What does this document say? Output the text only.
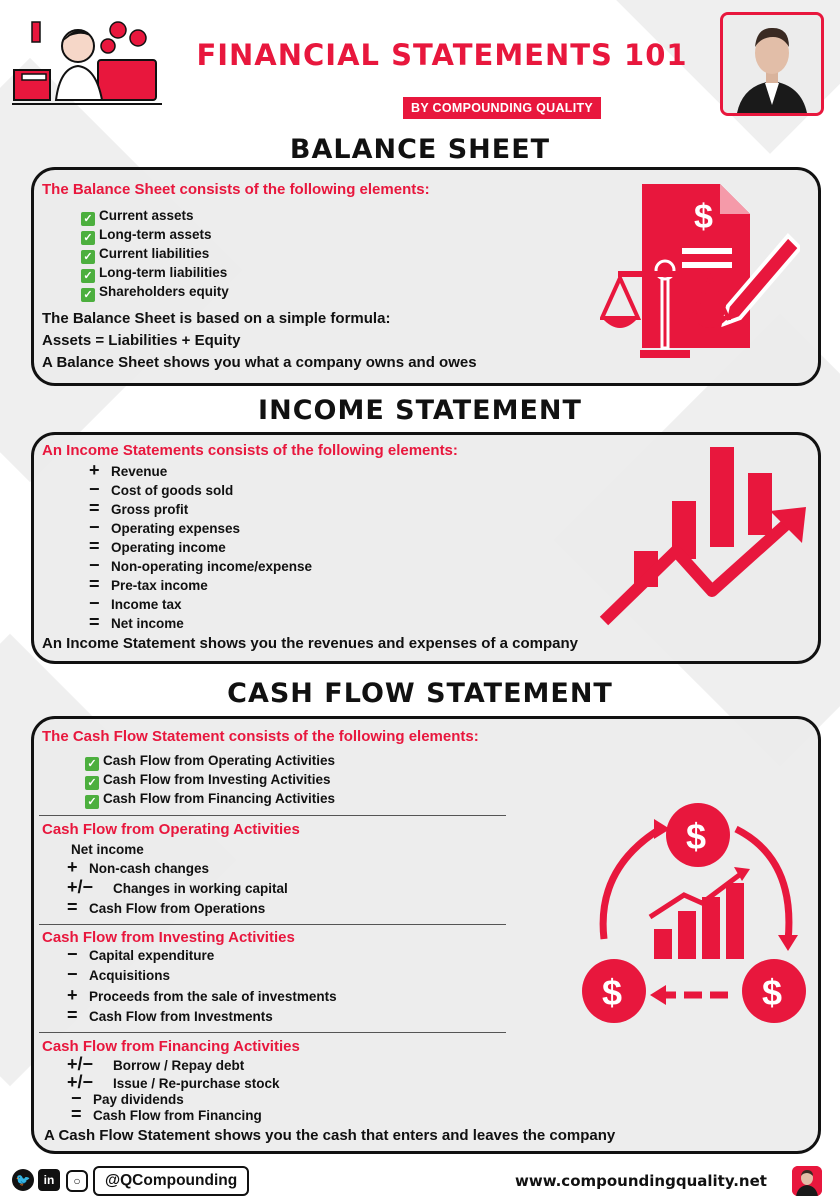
FINANCIAL STATEMENTS 101
BY COMPOUNDING QUALITY
BALANCE SHEET
The Balance Sheet consists of the following elements:
✓ Current assets
✓ Long-term assets
✓ Current liabilities
✓ Long-term liabilities
✓ Shareholders equity
The Balance Sheet is based on a simple formula:
Assets = Liabilities + Equity
A Balance Sheet shows you what a company owns and owes
$
INCOME STATEMENT
An Income Statements consists of the following elements:
+ Revenue
− Cost of goods sold
= Gross profit
− Operating expenses
= Operating income
− Non-operating income/expense
= Pre-tax income
− Income tax
= Net income
An Income Statement shows you the revenues and expenses of a company
CASH FLOW STATEMENT
The Cash Flow Statement consists of the following elements:
✓ Cash Flow from Operating Activities
✓ Cash Flow from Investing Activities
✓ Cash Flow from Financing Activities
Cash Flow from Operating Activities
Net income
+ Non-cash changes
+/− Changes in working capital
= Cash Flow from Operations
Cash Flow from Investing Activities
− Capital expenditure
− Acquisitions
+ Proceeds from the sale of investments
= Cash Flow from Investments
Cash Flow from Financing Activities
+/− Borrow / Repay debt
+/− Issue / Re-purchase stock
− Pay dividends
= Cash Flow from Financing
A Cash Flow Statement shows you the cash that enters and leaves the company
$
$	$
🐦	in	○	@QCompounding	www.compoundingquality.net
